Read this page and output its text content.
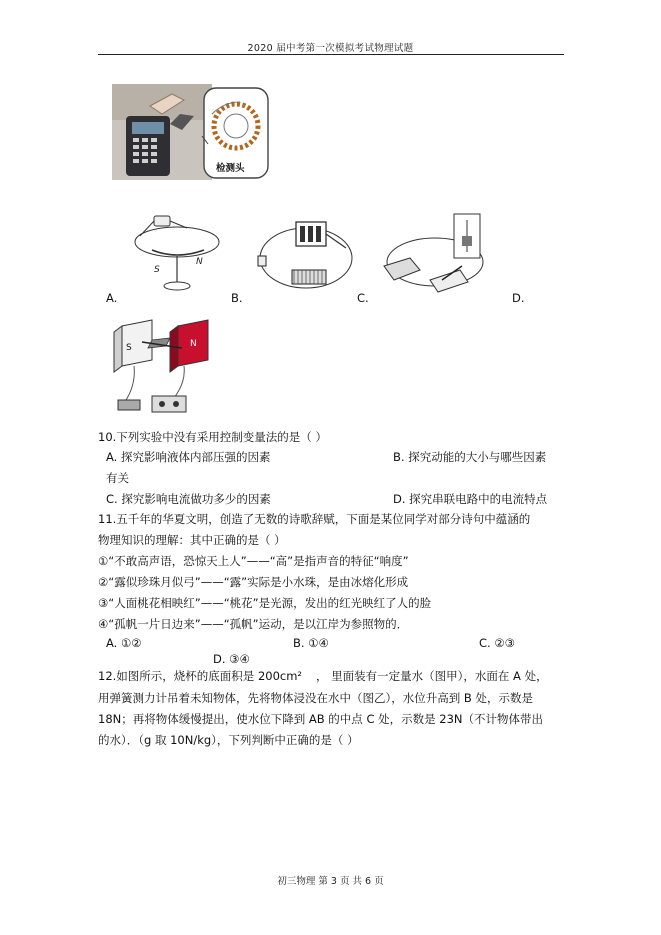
2020 届中考第一次模拟考试物理试题
检测头
S
N
A.	B.	C.	D.
S	N
10.下列实验中没有采用控制变量法的是（ ）
A. 探究影响液体内部压强的因素	B. 探究动能的大小与哪些因素
有关
C. 探究影响电流做功多少的因素	D. 探究串联电路中的电流特点
11.五千年的华夏文明，创造了无数的诗歌辞赋，下面是某位同学对部分诗句中蕴涵的
物理知识的理解：其中正确的是（ ）
①“不敢高声语，恐惊天上人”——“高”是指声音的特征“响度”
②“露似珍珠月似弓”——“露”实际是小水珠，是由冰熔化形成
③“人面桃花相映红”——“桃花”是光源，发出的红光映红了人的脸
④“孤帆一片日边来”——“孤帆”运动，是以江岸为参照物的．
A. ①②	B. ①④	C. ②③
D. ③④
12.如图所示，烧杯的底面积是 200cm² ， 里面装有一定量水（图甲），水面在 A 处，
用弹簧测力计吊着未知物体，先将物体浸没在水中（图乙），水位升高到 B 处，示数是
18N；再将物体缓慢提出，使水位下降到 AB 的中点 C 处，示数是 23N（不计物体带出
的水）．（g 取 10N/kg），下列判断中正确的是（ ）
初三物理 第 3 页 共 6 页
